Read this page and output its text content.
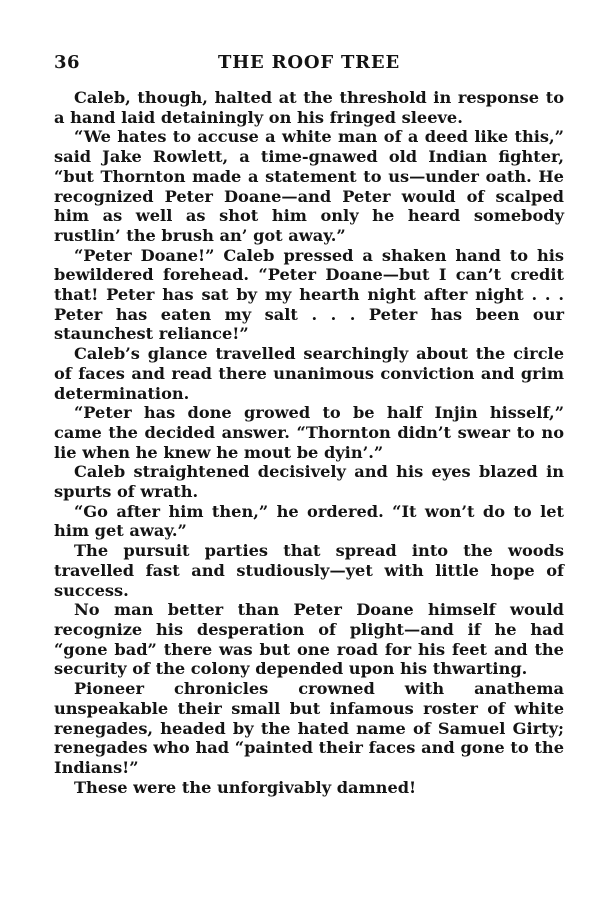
36	THE ROOF TREE

Caleb, though, halted at the threshold in response to a hand laid detainingly on his fringed sleeve.

“We hates to accuse a white man of a deed like this,” said Jake Rowlett, a time-gnawed old Indian fighter, “but Thornton made a statement to us—under oath. He recognized Peter Doane—and Peter would of scalped him as well as shot him only he heard somebody rustlin’ the brush an’ got away.”

“Peter Doane!” Caleb pressed a shaken hand to his bewildered forehead. “Peter Doane—but I can’t credit that! Peter has sat by my hearth night after night . . . Peter has eaten my salt . . . Peter has been our staunchest reliance!”

Caleb’s glance travelled searchingly about the circle of faces and read there unanimous conviction and grim determination.

“Peter has done growed to be half Injin hisself,” came the decided answer. “Thornton didn’t swear to no lie when he knew he mout be dyin’.”

Caleb straightened decisively and his eyes blazed in spurts of wrath.

“Go after him then,” he ordered. “It won’t do to let him get away.”

The pursuit parties that spread into the woods travelled fast and studiously—yet with little hope of success.

No man better than Peter Doane himself would recognize his desperation of plight—and if he had “gone bad” there was but one road for his feet and the security of the colony depended upon his thwarting.

Pioneer chronicles crowned with anathema unspeakable their small but infamous roster of white renegades, headed by the hated name of Samuel Girty; renegades who had “painted their faces and gone to the Indians!”

These were the unforgivably damned!
